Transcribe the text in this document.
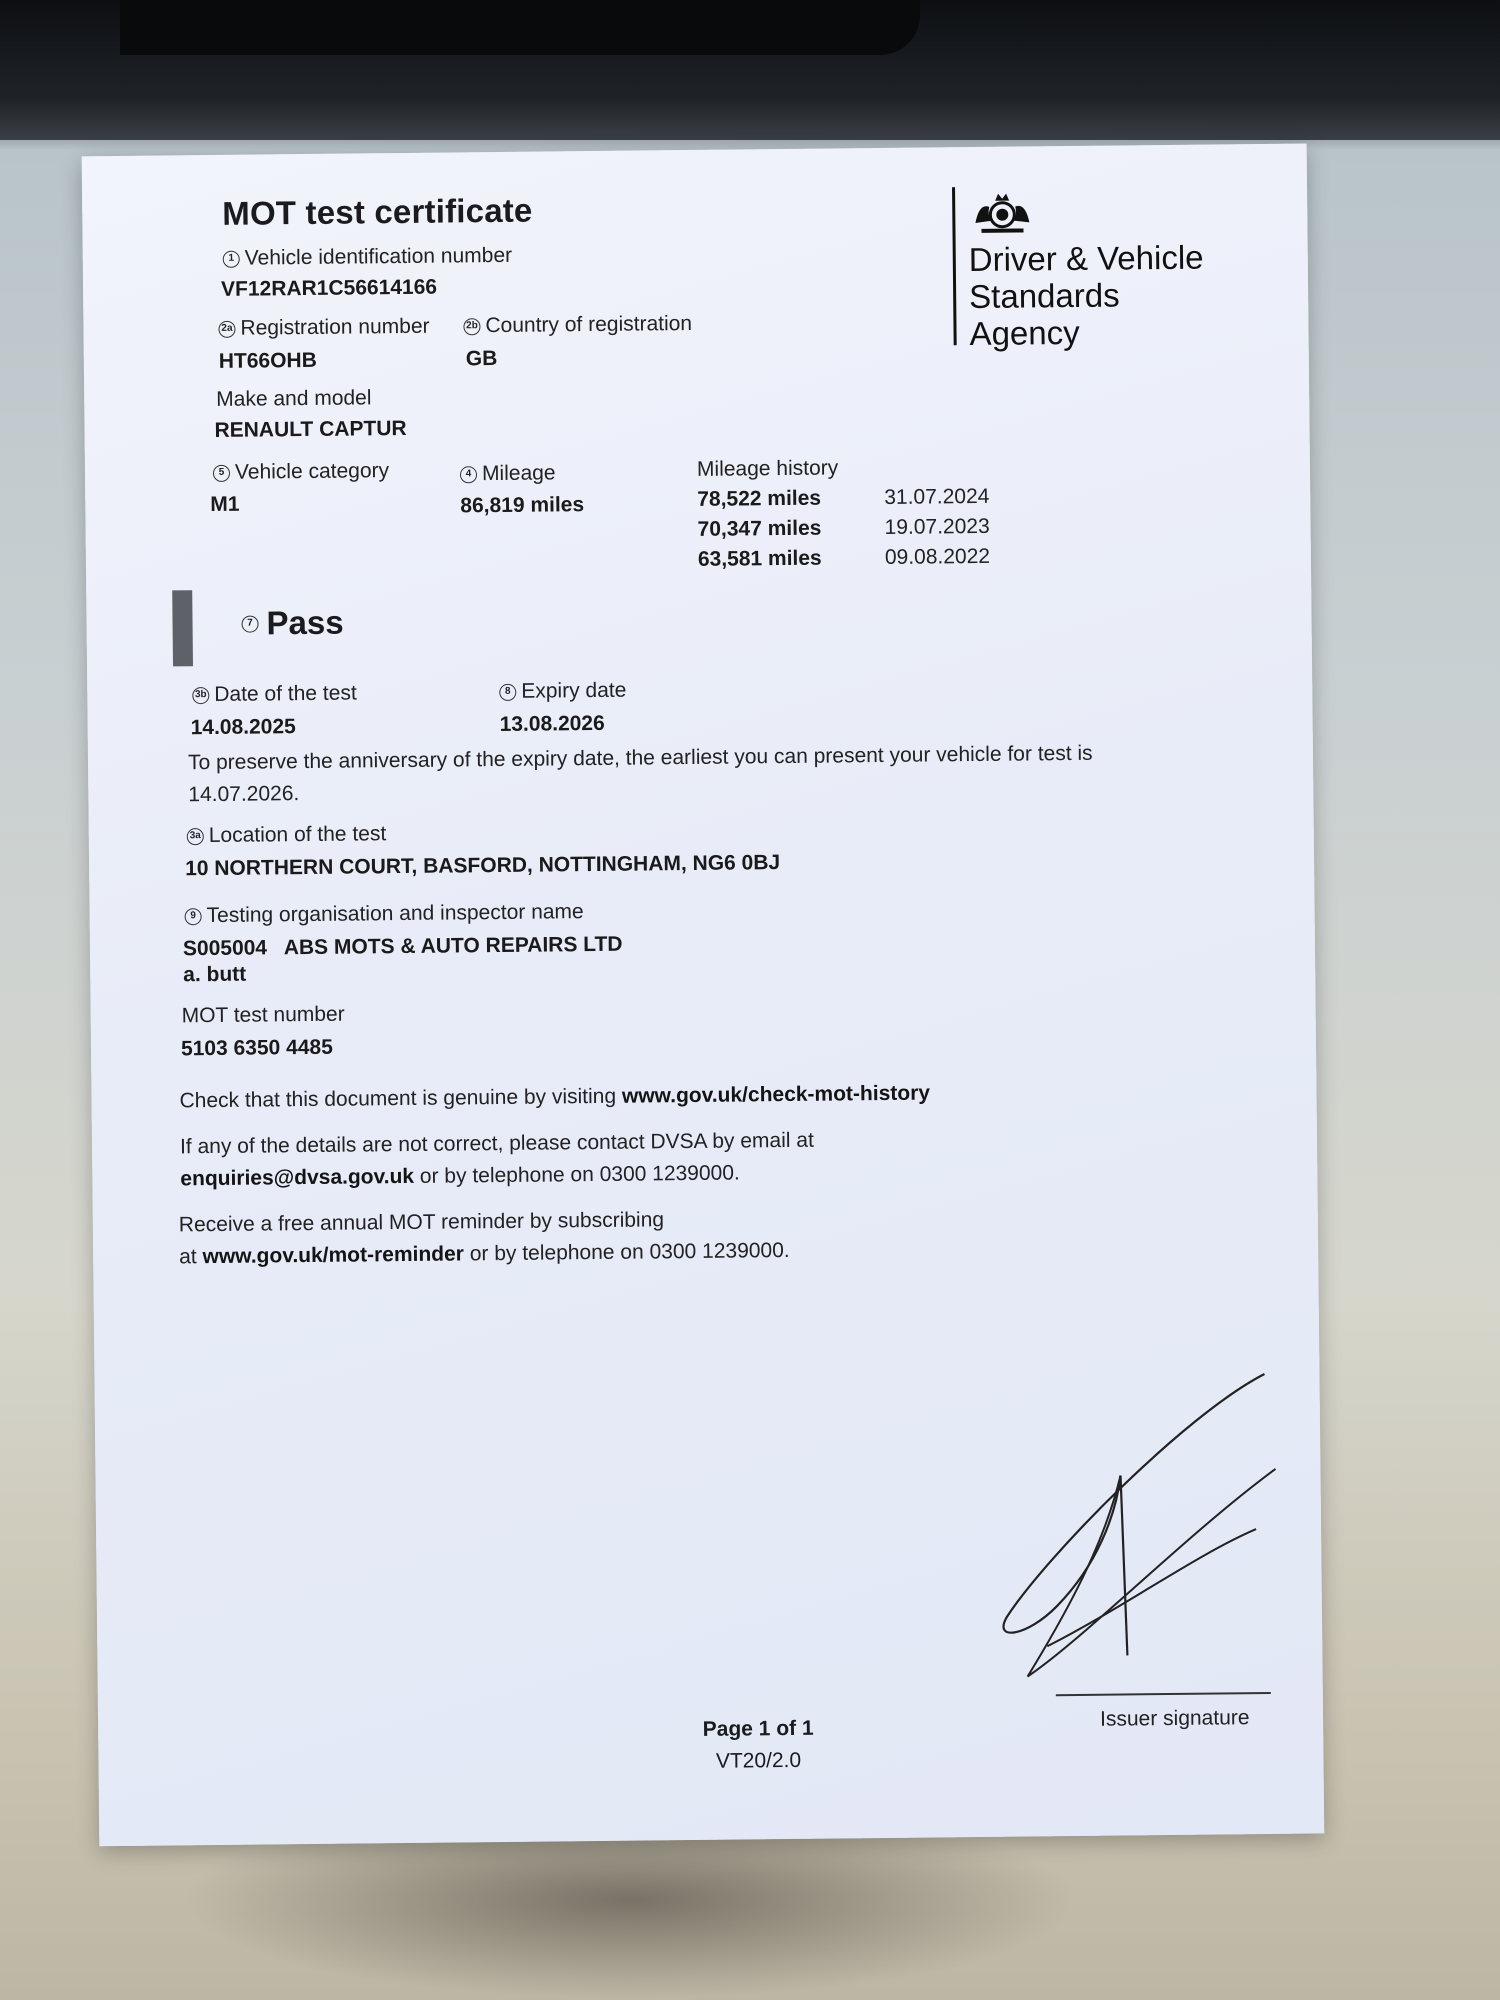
MOT test certificate
1 Vehicle identification number
VF12RAR1C56614166
2a Registration number
HT66OHB
2b Country of registration
GB
Make and model
RENAULT CAPTUR
5 Vehicle category
M1
4 Mileage
86,819 miles
Mileage history
78,522 miles	31.07.2024
70,347 miles	19.07.2023
63,581 miles	09.08.2022
Driver & Vehicle
Standards
Agency
7 Pass
3b Date of the test
14.08.2025
8 Expiry date
13.08.2026
To preserve the anniversary of the expiry date, the earliest you can present your vehicle for test is 14.07.2026.
3a Location of the test
10 NORTHERN COURT, BASFORD, NOTTINGHAM, NG6 0BJ
9 Testing organisation and inspector name
S005004 ABS MOTS & AUTO REPAIRS LTD
a. butt
MOT test number
5103 6350 4485
Check that this document is genuine by visiting www.gov.uk/check-mot-history
If any of the details are not correct, please contact DVSA by email at
enquiries@dvsa.gov.uk or by telephone on 0300 1239000.
Receive a free annual MOT reminder by subscribing
at www.gov.uk/mot-reminder or by telephone on 0300 1239000.
Issuer signature
Page 1 of 1
VT20/2.0
